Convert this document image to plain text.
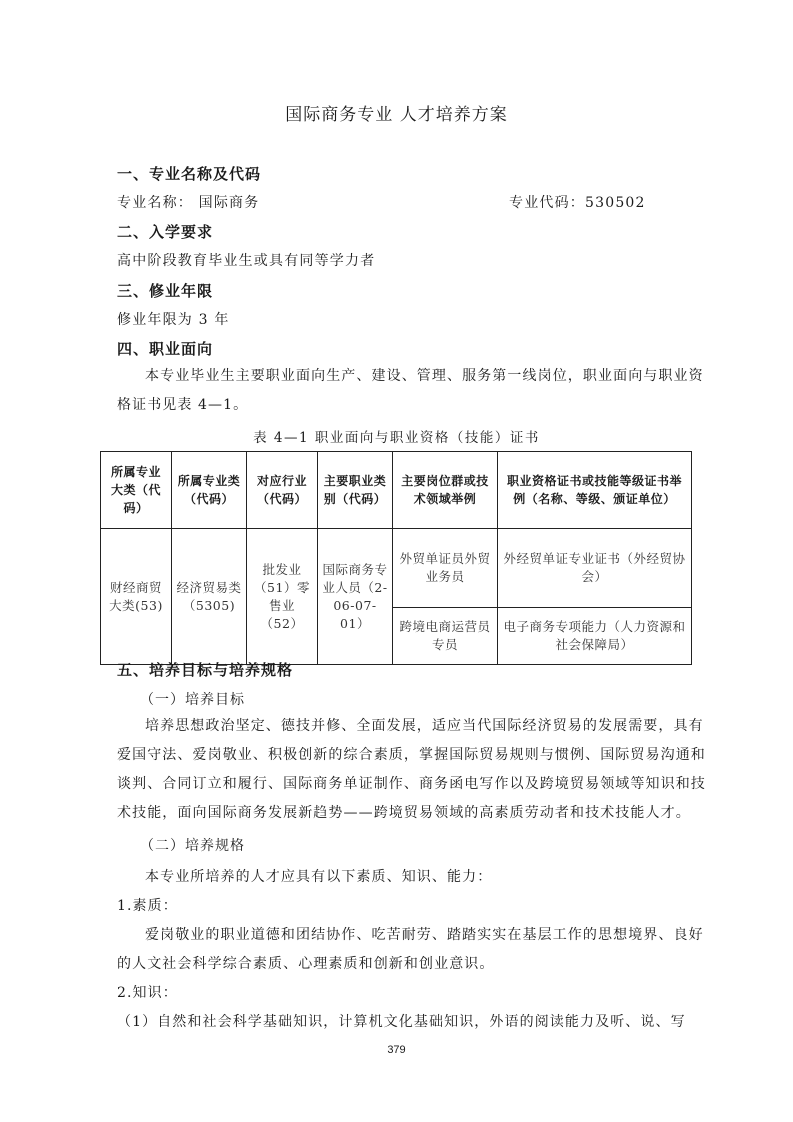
国际商务专业 人才培养方案
一、专业名称及代码
专业名称： 国际商务	专业代码：530502
二、入学要求
高中阶段教育毕业生或具有同等学力者
三、修业年限
修业年限为 3 年
四、职业面向
本专业毕业生主要职业面向生产、建设、管理、服务第一线岗位，职业面向与职业资格证书见表 4—1。
表 4—1 职业面向与职业资格（技能）证书
所属专业大类（代码）	所属专业类（代码）	对应行业（代码）	主要职业类别（代码）	主要岗位群或技术领域举例	职业资格证书或技能等级证书举例（名称、等级、颁证单位）
财经商贸大类(53)	经济贸易类（5305)	批发业（51）零售业（52）	国际商务专业人员（2-06-07-01）	外贸单证员外贸业务员	外经贸单证专业证书（外经贸协会）
				跨境电商运营员专员	电子商务专项能力（人力资源和社会保障局）
五、培养目标与培养规格
（一）培养目标
培养思想政治坚定、德技并修、全面发展，适应当代国际经济贸易的发展需要，具有爱国守法、爱岗敬业、积极创新的综合素质，掌握国际贸易规则与惯例、国际贸易沟通和谈判、合同订立和履行、国际商务单证制作、商务函电写作以及跨境贸易领域等知识和技术技能，面向国际商务发展新趋势——跨境贸易领域的高素质劳动者和技术技能人才。
（二）培养规格
本专业所培养的人才应具有以下素质、知识、能力：
1.素质：
爱岗敬业的职业道德和团结协作、吃苦耐劳、踏踏实实在基层工作的思想境界、良好的人文社会科学综合素质、心理素质和创新和创业意识。
2.知识：
（1）自然和社会科学基础知识，计算机文化基础知识，外语的阅读能力及听、说、写
379
